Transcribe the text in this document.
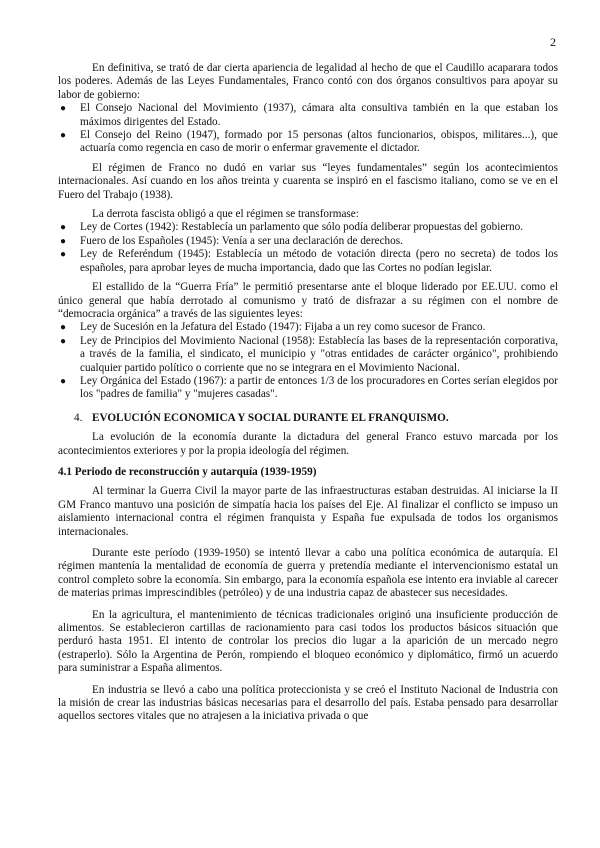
2

En definitiva, se trató de dar cierta apariencia de legalidad al hecho de que el Caudillo acaparara todos los poderes. Además de las Leyes Fundamentales, Franco contó con dos órganos consultivos para apoyar su labor de gobierno:

● El Consejo Nacional del Movimiento (1937), cámara alta consultiva también en la que estaban los máximos dirigentes del Estado.
● El Consejo del Reino (1947), formado por 15 personas (altos funcionarios, obispos, militares...), que actuaría como regencia en caso de morir o enfermar gravemente el dictador.

El régimen de Franco no dudó en variar sus “leyes fundamentales” según los acontecimientos internacionales. Así cuando en los años treinta y cuarenta se inspiró en el fascismo italiano, como se ve en el Fuero del Trabajo (1938).

La derrota fascista obligó a que el régimen se transformase:

● Ley de Cortes (1942): Restablecía un parlamento que sólo podía deliberar propuestas del gobierno.
● Fuero de los Españoles (1945): Venía a ser una declaración de derechos.
● Ley de Referéndum (1945): Establecía un método de votación directa (pero no secreta) de todos los españoles, para aprobar leyes de mucha importancia, dado que las Cortes no podían legislar.

El estallido de la “Guerra Fría” le permitió presentarse ante el bloque liderado por EE.UU. como el único general que había derrotado al comunismo y trató de disfrazar a su régimen con el nombre de “democracia orgánica” a través de las siguientes leyes:

● Ley de Sucesión en la Jefatura del Estado (1947): Fijaba a un rey como sucesor de Franco.
● Ley de Principios del Movimiento Nacional (1958): Establecía las bases de la representación corporativa, a través de la familia, el sindicato, el municipio y "otras entidades de carácter orgánico", prohibiendo cualquier partido político o corriente que no se integrara en el Movimiento Nacional.
● Ley Orgánica del Estado (1967): a partir de entonces 1/3 de los procuradores en Cortes serían elegidos por los "padres de familia" y "mujeres casadas".
4. EVOLUCIÓN ECONOMICA Y SOCIAL DURANTE EL FRANQUISMO.

La evolución de la economía durante la dictadura del general Franco estuvo marcada por los acontecimientos exteriores y por la propia ideología del régimen.

4.1 Periodo de reconstrucción y autarquía (1939-1959)

Al terminar la Guerra Civil la mayor parte de las infraestructuras estaban destruidas. Al iniciarse la II GM Franco mantuvo una posición de simpatía hacia los países del Eje. Al finalizar el conflicto se impuso un aislamiento internacional contra el régimen franquista y España fue expulsada de todos los organismos internacionales.

Durante este período (1939-1950) se intentó llevar a cabo una política económica de autarquía. El régimen mantenía la mentalidad de economía de guerra y pretendía mediante el intervencionismo estatal un control completo sobre la economía. Sin embargo, para la economía española ese intento era inviable al carecer de materias primas imprescindibles (petróleo) y de una industria capaz de abastecer sus necesidades.

En la agricultura, el mantenimiento de técnicas tradicionales originó una insuficiente producción de alimentos. Se establecieron cartillas de racionamiento para casi todos los productos básicos situación que perduró hasta 1951. El intento de controlar los precios dio lugar a la aparición de un mercado negro (estraperlo). Sólo la Argentina de Perón, rompiendo el bloqueo económico y diplomático, firmó un acuerdo para suministrar a España alimentos.

En industria se llevó a cabo una política proteccionista y se creó el Instituto Nacional de Industria con la misión de crear las industrias básicas necesarias para el desarrollo del país. Estaba pensado para desarrollar aquellos sectores vitales que no atrajesen a la iniciativa privada o que
